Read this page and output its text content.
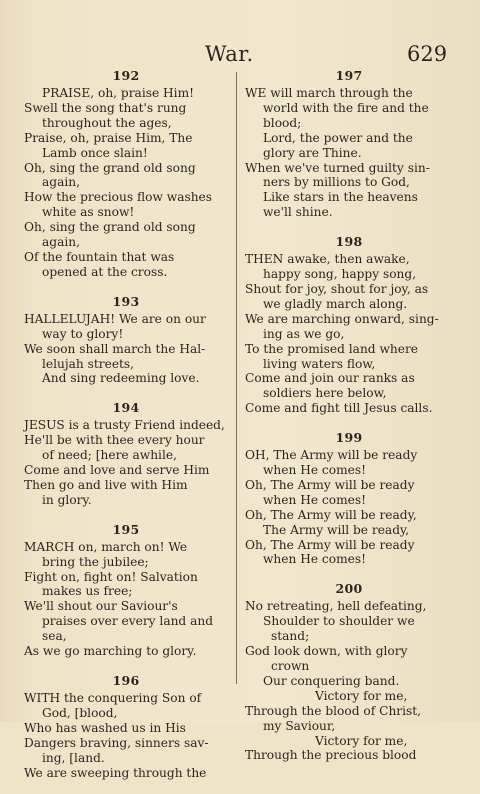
War.	629
192
PRAISE, oh, praise Him!
Swell the song that's rung
throughout the ages,
Praise, oh, praise Him, The
Lamb once slain!
Oh, sing the grand old song
again,
How the precious flow washes
white as snow!
Oh, sing the grand old song
again,
Of the fountain that was
opened at the cross.
193
HALLELUJAH! We are on our
way to glory!
We soon shall march the Hal-
lelujah streets,
And sing redeeming love.
194
JESUS is a trusty Friend indeed,
He'll be with thee every hour
of need; [here awhile,
Come and love and serve Him
Then go and live with Him
in glory.
195
MARCH on, march on! We
bring the jubilee;
Fight on, fight on! Salvation
makes us free;
We'll shout our Saviour's
praises over every land and
sea,
As we go marching to glory.
196
WITH the conquering Son of
God, [blood,
Who has washed us in His
Dangers braving, sinners sav-
ing, [land.
We are sweeping through the
197
WE will march through the
world with the fire and the
blood;
Lord, the power and the
glory are Thine.
When we've turned guilty sin-
ners by millions to God,
Like stars in the heavens
we'll shine.
198
THEN awake, then awake,
happy song, happy song,
Shout for joy, shout for joy, as
we gladly march along.
We are marching onward, sing-
ing as we go,
To the promised land where
living waters flow,
Come and join our ranks as
soldiers here below,
Come and fight till Jesus calls.
199
OH, The Army will be ready
when He comes!
Oh, The Army will be ready
when He comes!
Oh, The Army will be ready,
The Army will be ready,
Oh, The Army will be ready
when He comes!
200
No retreating, hell defeating,
Shoulder to shoulder we
stand;
God look down, with glory
crown
Our conquering band.
Victory for me,
Through the blood of Christ,
my Saviour,
Victory for me,
Through the precious blood
